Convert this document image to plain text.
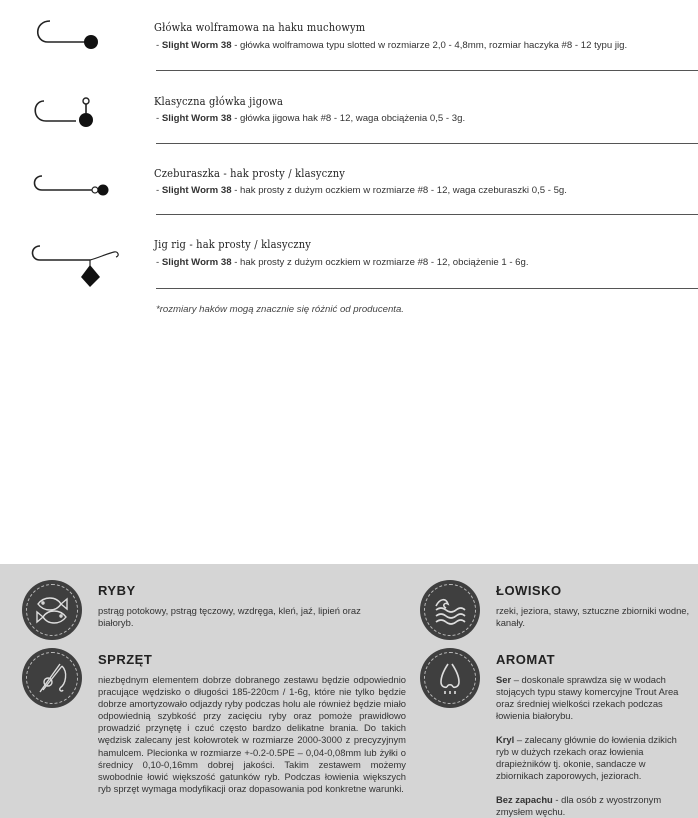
Główka wolframowa na haku muchowym
- Slight Worm 38 - główka wolframowa typu slotted w rozmiarze 2,0 - 4,8mm, rozmiar haczyka #8 - 12 typu jig.
Klasyczna główka jigowa
- Slight Worm 38 - główka jigowa hak #8 - 12, waga obciążenia 0,5 - 3g.
Czeburaszka - hak prosty / klasyczny
- Slight Worm 38 - hak prosty z dużym oczkiem w rozmiarze #8 - 12, waga czeburaszki 0,5 - 5g.
Jig rig - hak prosty / klasyczny
- Slight Worm 38 - hak prosty z dużym oczkiem w rozmiarze #8 - 12, obciążenie 1 - 6g.
*rozmiary haków mogą znacznie się różnić od producenta.
RYBY
pstrąg potokowy, pstrąg tęczowy, wzdręga, kleń, jaź, lipień oraz białoryb.
SPRZĘT
niezbędnym elementem dobrze dobranego zestawu będzie odpowiednio pracujące wędzisko o długości 185-220cm / 1-6g, które nie tylko będzie dobrze amortyzowało odjazdy ryby podczas holu ale również będzie miało odpowiednią szybkość przy zacięciu ryby oraz pomoże prawidłowo prowadzić przynętę i czuć często bardzo delikatne brania. Do takich wędzisk zalecany jest kołowrotek w rozmiarze 2000-3000 z precyzyjnym hamulcem. Plecionka w rozmiarze +-0.2-0.5PE – 0,04-0,08mm lub żyłki o średnicy 0,10-0,16mm dobrej jakości. Takim zestawem możemy swobodnie łowić większość gatunków ryb. Podczas łowienia większych ryb sprzęt wymaga modyfikacji oraz dopasowania pod konkretne warunki.
ŁOWISKO
rzeki, jeziora, stawy, sztuczne zbiorniki wodne, kanały.
AROMAT
Ser – doskonale sprawdza się w wodach stojących typu stawy komercyjne Trout Area oraz średniej wielkości rzekach podczas łowienia białorybu.
Kryl – zalecany głównie do łowienia dzikich ryb w dużych rzekach oraz łowienia drapieżników tj. okonie, sandacze w zbiornikach zaporowych, jeziorach.
Bez zapachu - dla osób z wyostrzonym zmysłem węchu.
